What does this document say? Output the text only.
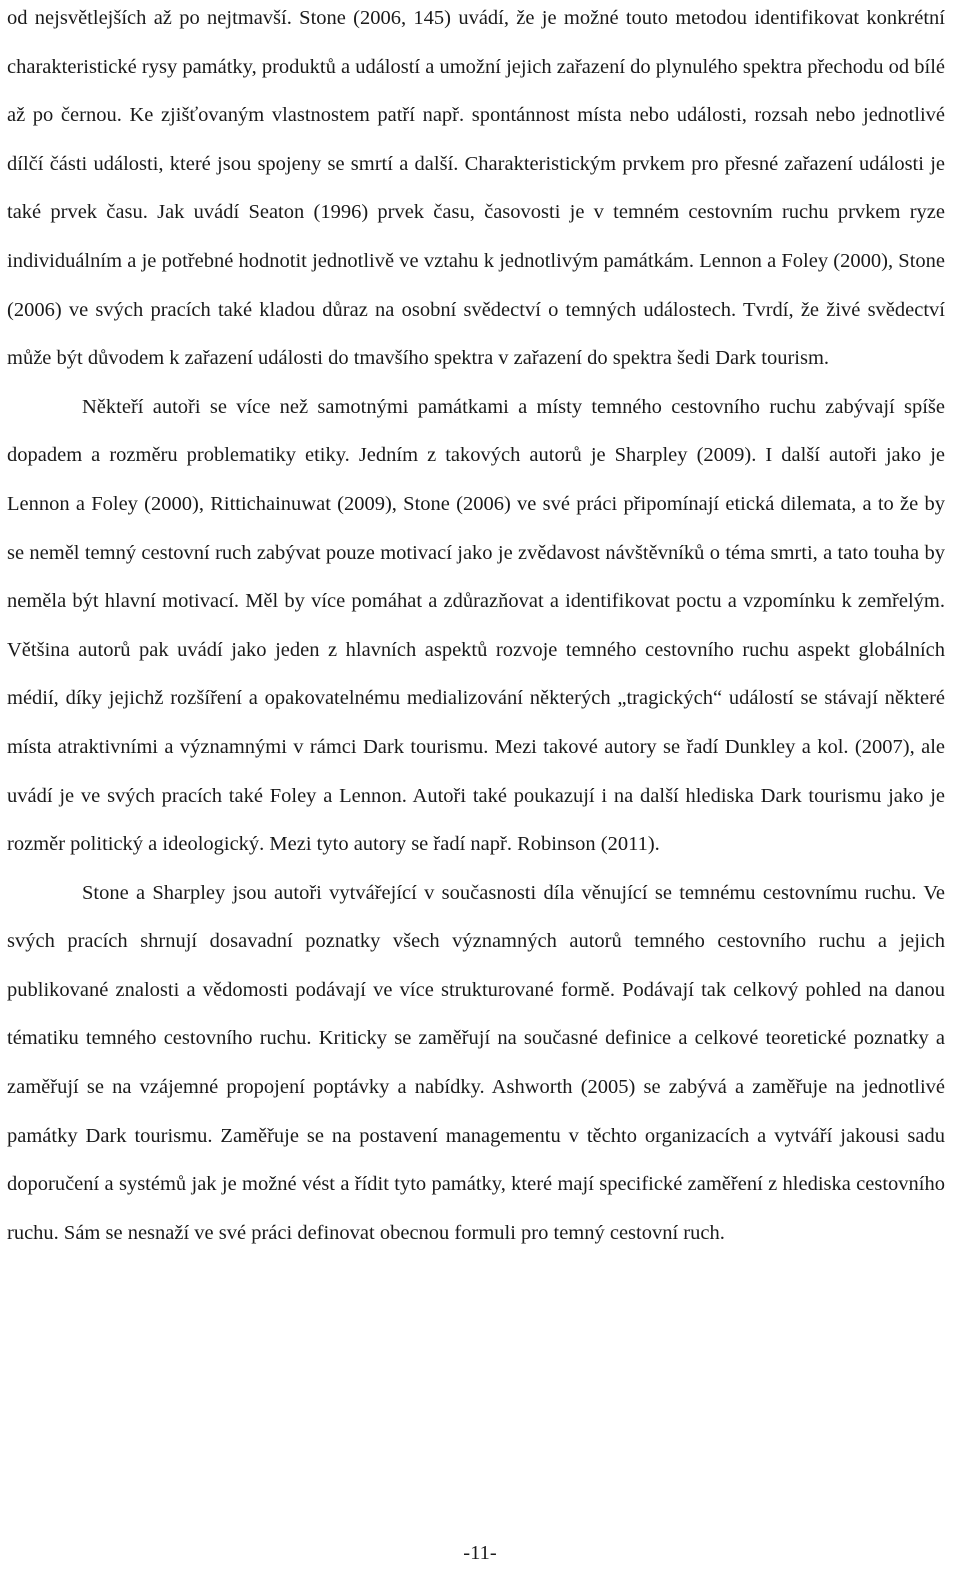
od nejsvětlejších až po nejtmavší. Stone (2006, 145) uvádí, že je možné touto metodou identifikovat konkrétní charakteristické rysy památky, produktů a událostí a umožní jejich zařazení do plynulého spektra přechodu od bílé až po černou. Ke zjišťovaným vlastnostem patří např. spontánnost místa nebo události, rozsah nebo jednotlivé dílčí části události, které jsou spojeny se smrtí a další. Charakteristickým prvkem pro přesné zařazení události je také prvek času. Jak uvádí Seaton (1996) prvek času, časovosti je v temném cestovním ruchu prvkem ryze individuálním a je potřebné hodnotit jednotlivě ve vztahu k jednotlivým památkám. Lennon a Foley (2000), Stone (2006) ve svých pracích také kladou důraz na osobní svědectví o temných událostech. Tvrdí, že živé svědectví může být důvodem k zařazení události do tmavšího spektra v zařazení do spektra šedi Dark tourism.

Někteří autoři se více než samotnými památkami a místy temného cestovního ruchu zabývají spíše dopadem a rozměru problematiky etiky. Jedním z takových autorů je Sharpley (2009). I další autoři jako je Lennon a Foley (2000), Rittichainuwat (2009), Stone (2006) ve své práci připomínají etická dilemata, a to že by se neměl temný cestovní ruch zabývat pouze motivací jako je zvědavost návštěvníků o téma smrti, a tato touha by neměla být hlavní motivací. Měl by více pomáhat a zdůrazňovat a identifikovat poctu a vzpomínku k zemřelým. Většina autorů pak uvádí jako jeden z hlavních aspektů rozvoje temného cestovního ruchu aspekt globálních médií, díky jejichž rozšíření a opakovatelnému medializování některých „tragických“ událostí se stávají některé místa atraktivními a významnými v rámci Dark tourismu. Mezi takové autory se řadí Dunkley a kol. (2007), ale uvádí je ve svých pracích také Foley a Lennon. Autoři také poukazují i na další hlediska Dark tourismu jako je rozměr politický a ideologický. Mezi tyto autory se řadí např. Robinson (2011).

Stone a Sharpley jsou autoři vytvářející v současnosti díla věnující se temnému cestovnímu ruchu. Ve svých pracích shrnují dosavadní poznatky všech významných autorů temného cestovního ruchu a jejich publikované znalosti a vědomosti podávají ve více strukturované formě. Podávají tak celkový pohled na danou tématiku temného cestovního ruchu. Kriticky se zaměřují na současné definice a celkové teoretické poznatky a zaměřují se na vzájemné propojení poptávky a nabídky. Ashworth (2005) se zabývá a zaměřuje na jednotlivé památky Dark tourismu. Zaměřuje se na postavení managementu v těchto organizacích a vytváří jakousi sadu doporučení a systémů jak je možné vést a řídit tyto památky, které mají specifické zaměření z hlediska cestovního ruchu. Sám se nesnaží ve své práci definovat obecnou formuli pro temný cestovní ruch.

-11-
